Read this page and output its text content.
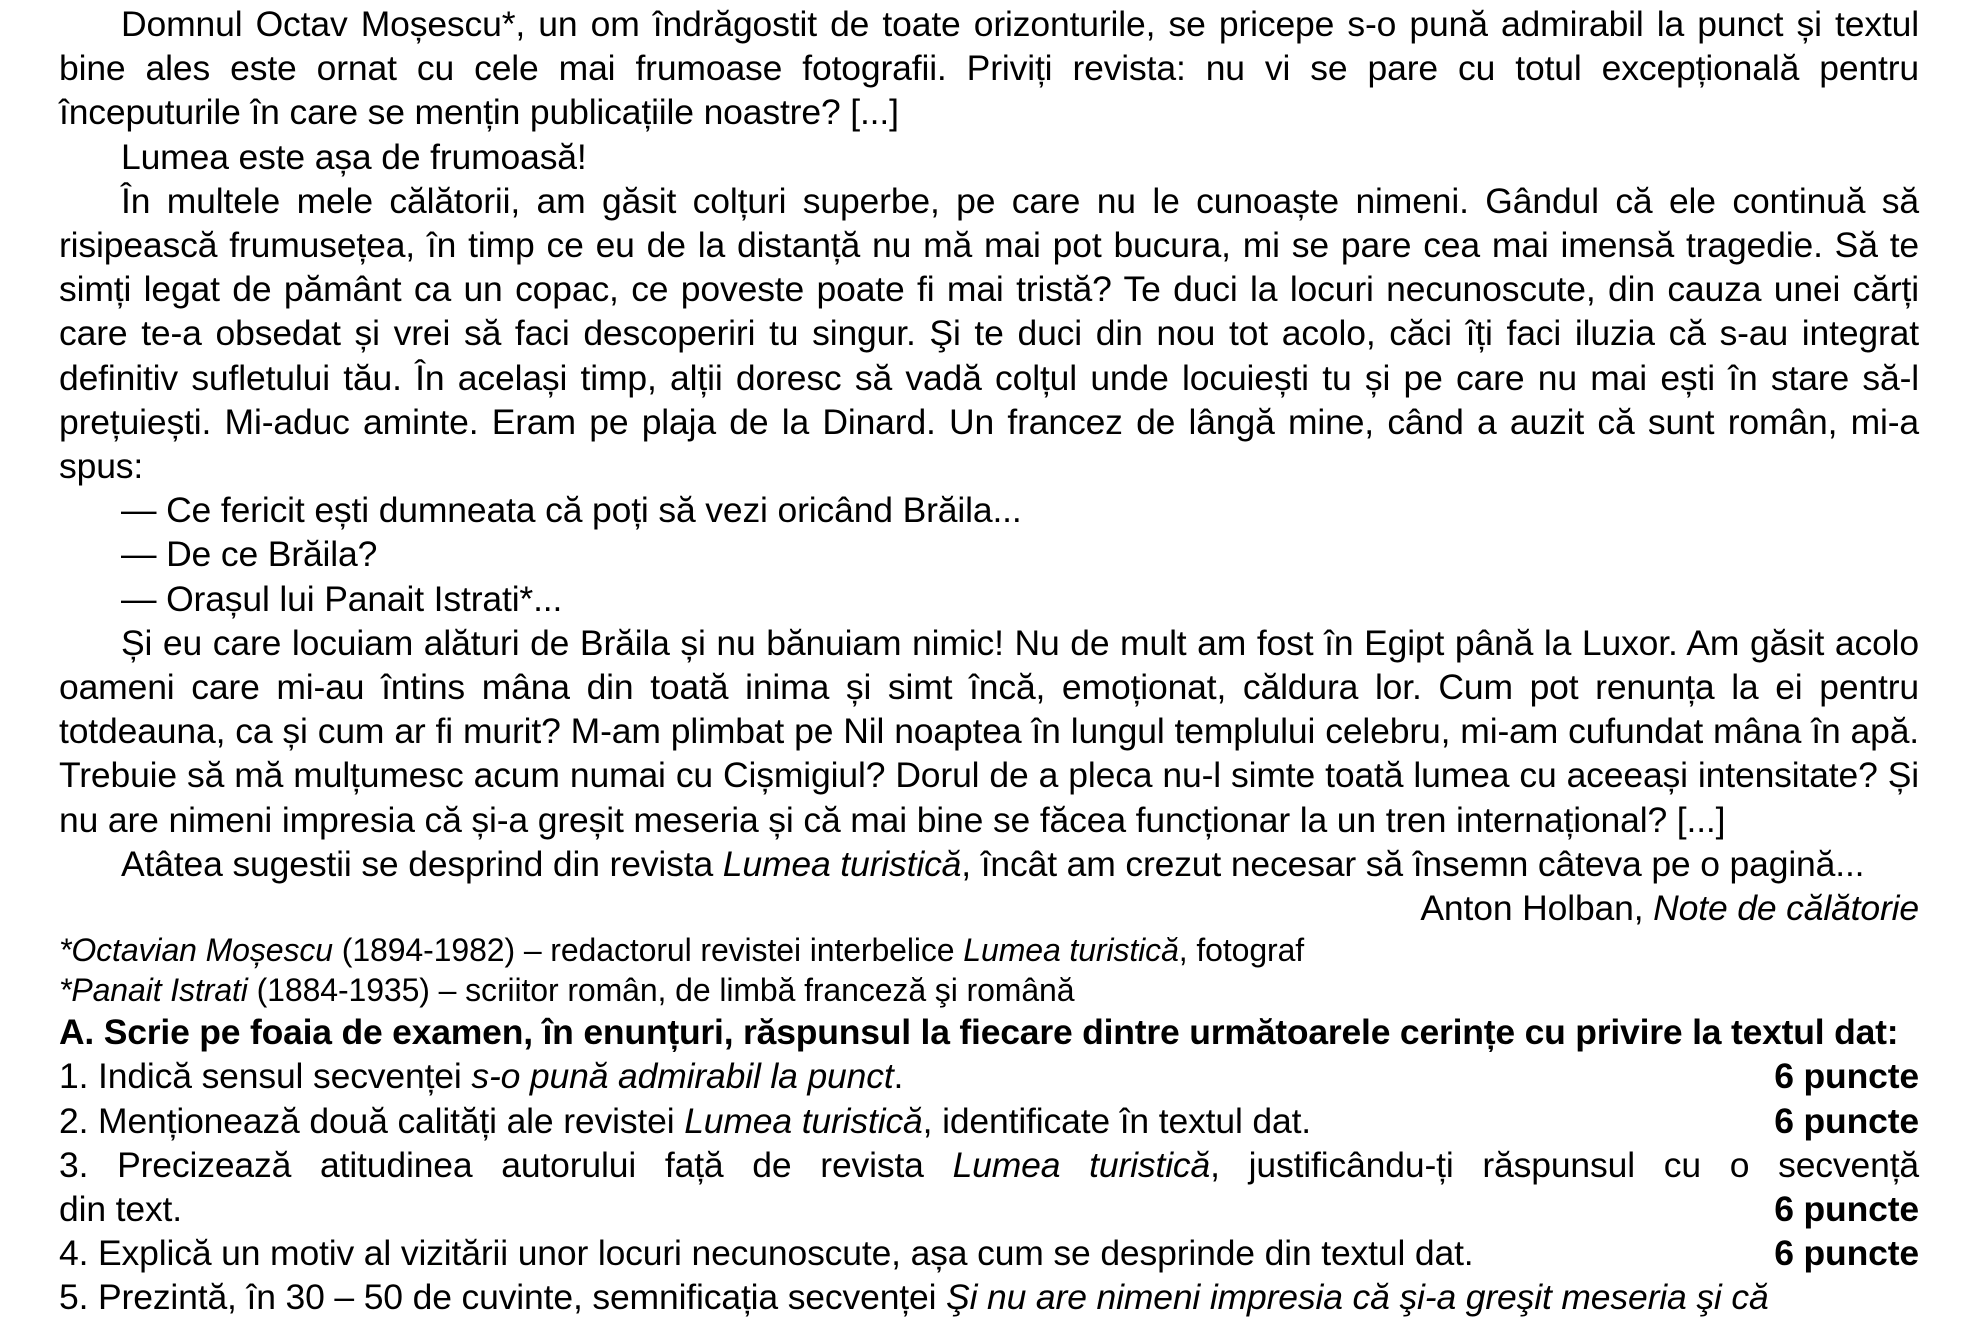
Domnul Octav Moșescu*, un om îndrăgostit de toate orizonturile, se pricepe s-o pună admirabil la punct și textul bine ales este ornat cu cele mai frumoase fotografii. Priviți revista: nu vi se pare cu totul excepțională pentru începuturile în care se mențin publicațiile noastre? [...]

Lumea este așa de frumoasă!

În multele mele călătorii, am găsit colțuri superbe, pe care nu le cunoaște nimeni. Gândul că ele continuă să risipească frumusețea, în timp ce eu de la distanță nu mă mai pot bucura, mi se pare cea mai imensă tragedie. Să te simți legat de pământ ca un copac, ce poveste poate fi mai tristă? Te duci la locuri necunoscute, din cauza unei cărți care te-a obsedat și vrei să faci descoperiri tu singur. Şi te duci din nou tot acolo, căci îți faci iluzia că s-au integrat definitiv sufletului tău. În același timp, alții doresc să vadă colțul unde locuiești tu și pe care nu mai ești în stare să-l prețuiești. Mi-aduc aminte. Eram pe plaja de la Dinard. Un francez de lângă mine, când a auzit că sunt român, mi-a spus:

— Ce fericit ești dumneata că poți să vezi oricând Brăila...

— De ce Brăila?

— Orașul lui Panait Istrati*...

Și eu care locuiam alături de Brăila și nu bănuiam nimic! Nu de mult am fost în Egipt până la Luxor. Am găsit acolo oameni care mi-au întins mâna din toată inima și simt încă, emoționat, căldura lor. Cum pot renunța la ei pentru totdeauna, ca și cum ar fi murit? M-am plimbat pe Nil noaptea în lungul templului celebru, mi-am cufundat mâna în apă. Trebuie să mă mulțumesc acum numai cu Cișmigiul? Dorul de a pleca nu-l simte toată lumea cu aceeași intensitate? Și nu are nimeni impresia că și-a greșit meseria și că mai bine se făcea funcționar la un tren internațional? [...]

Atâtea sugestii se desprind din revista Lumea turistică, încât am crezut necesar să însemn câteva pe o pagină...

Anton Holban, Note de călătorie

*Octavian Moșescu (1894-1982) – redactorul revistei interbelice Lumea turistică, fotograf

*Panait Istrati (1884-1935) – scriitor român, de limbă franceză şi română

A. Scrie pe foaia de examen, în enunțuri, răspunsul la fiecare dintre următoarele cerințe cu privire la textul dat:

1. Indică sensul secvenței s-o pună admirabil la punct.	6 puncte
2. Menționează două calități ale revistei Lumea turistică, identificate în textul dat.	6 puncte
3. Precizează atitudinea autorului față de revista Lumea turistică, justificându-ți răspunsul cu o secvență
din text.	6 puncte
4. Explică un motiv al vizitării unor locuri necunoscute, așa cum se desprinde din textul dat.	6 puncte
5. Prezintă, în 30 – 50 de cuvinte, semnificația secvenței Şi nu are nimeni impresia că şi-a greşit meseria şi că
